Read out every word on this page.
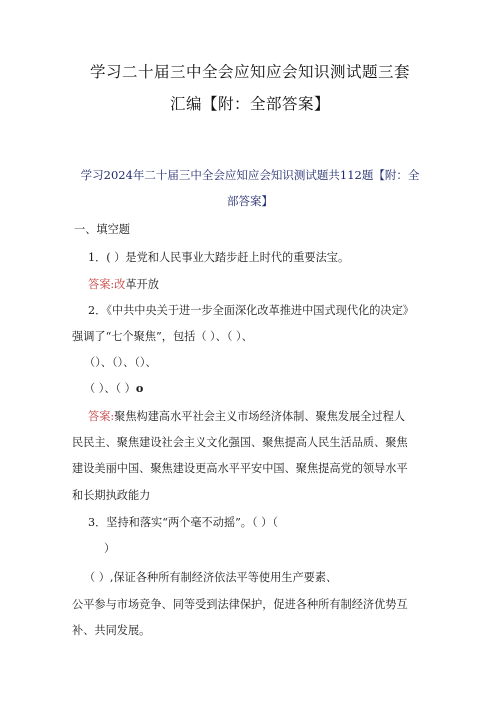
学习二十届三中全会应知应会知识测试题三套
汇编【附：全部答案】
学习2024年二十届三中全会应知应会知识测试题共112题【附：全
部答案】
一、填空题
1．( ）是党和人民事业大踏步赶上时代的重要法宝。
答案:改革开放
2．《中共中央关于进一步全面深化改革推进中国式现代化的决定》
强调了“七个聚焦”，包括（ ）、（ ）、
（）、（）、（）、
（ ）、（ ）o
答案:聚焦构建高水平社会主义市场经济体制、聚焦发展全过程人
民民主、聚焦建设社会主义文化强国、聚焦提高人民生活品质、聚焦
建设美丽中国、聚焦建设更高水平平安中国、聚焦提高党的领导水平
和长期执政能力
3．坚持和落实“两个毫不动摇”。（ ）（
）
（ ）,保证各种所有制经济依法平等使用生产要素、
公平参与市场竞争、同等受到法律保护，促进各种所有制经济优势互
补、共同发展。
